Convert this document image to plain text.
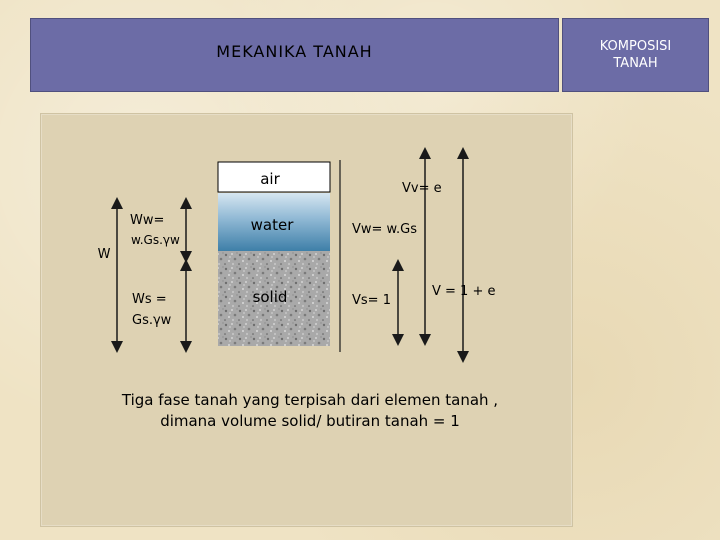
MEKANIKA TANAH	KOMPOSISI
TANAH
air
water
solid
W
Ww=
w.Gs.γw
Ws =
Gs.γw
Vv= e
Vw= w.Gs
Vs= 1
V = 1 + e
Tiga fase tanah yang terpisah dari elemen tanah ,
dimana volume solid/ butiran tanah = 1
